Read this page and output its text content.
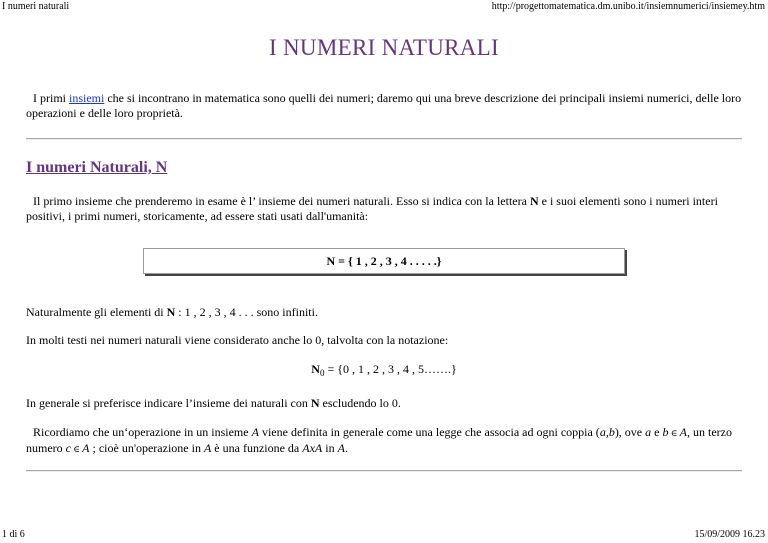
I numeri naturali	http://progettomatematica.dm.unibo.it/insiemnumerici/insiemey.htm
I NUMERI NATURALI
I primi insiemi che si incontrano in matematica sono quelli dei numeri; daremo qui una breve descrizione dei principali insiemi numerici, delle loro operazioni e delle loro proprietà.
I numeri Naturali, N
Il primo insieme che prenderemo in esame è l’ insieme dei numeri naturali. Esso si indica con la lettera N e i suoi elementi sono i numeri interi positivi, i primi numeri, storicamente, ad essere stati usati dall'umanità:
N = { 1 , 2 , 3 , 4 . . . . .}
Naturalmente gli elementi di N : 1 , 2 , 3 , 4 . . . sono infiniti.
In molti testi nei numeri naturali viene considerato anche lo 0, talvolta con la notazione:
$N_0 = \{0$ , 1 , 2 , 3 , 4 , 5…….}
In generale si preferisce indicare l’insieme dei naturali con N escludendo lo 0.
Ricordiamo che un‘operazione in un insieme A viene definita in generale come una legge che associa ad ogni coppia (a,b), ove a e b ∈ A, un terzo numero c ∈ A ; cioè un'operazione in A è una funzione da AxA in A.
1 di 6	15/09/2009 16.23
